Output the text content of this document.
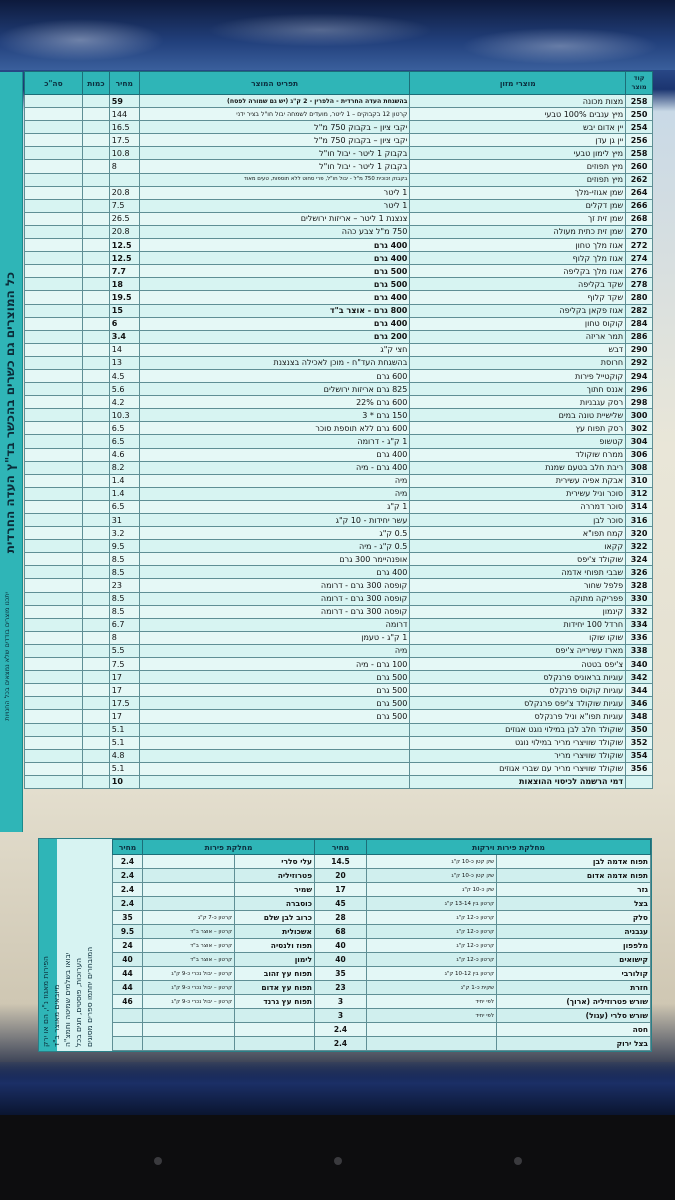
כל המוצרים גם כשרים בהכשר בד"ץ העדה החרדית
יתכנו מוצרים בודדים שלא נמצאים בכל החנויות
סה"כ	כמות	מחיר	תפריט המוצר	מוצרי מזון	קוד
מוצר
		59	בהשגחת העדה החרדית - הלפרין - 2 ק"ג (יש גם שמורה לפסח)	מצות מכונה	258
		144	קרטון 12 בקבוקים – 1 ליטר, מועדים לשמחה יבול חו"ל בציר ידני	מיץ ענבים 100% טבעי	250
		16.5	יקבי ציון – בקבוק 750 מ"ל	יין אדום יבש	254
		17.5	יקבי ציון – בקבוק 750 מ"ל	יין גן עדן	256
		10.8	בקבוק 1 ליטר - יבול חו"ל	מיץ לימון טבעי	258
		8	בקבוק 1 ליטר - יבול חו"ל	מיץ תפוזים	260
			בקבוק זכוכית 750 מ"ל - יבול חו"ל, פרי סחוט ללא תוספות, טעים מאוד	מיץ תפוזים	262
		20.8	1 ליטר	שמן אגוזי-מלך	264
		7.5	1 ליטר	שמן דקלים	266
		26.5	צנצנת 1 ליטר – אריזות ירושלים	שמן זית זך	268
		20.8	750 מ"ל צבע כהה	שמן זית כתית מעולה	270
		12.5	400 גרם	אגוז מלך טחון	272
		12.5	400 גרם	אגוז מלך קלוף	274
		7.7	500 גרם	אגוז מלך בקליפה	276
		18	500 גרם	שקד בקליפה	278
		19.5	400 גרם	שקד קלוף	280
		15	800 גרם - אוצר ב"ד	אגוז פקאן בקליפה	282
		6	400 גרם	קוקוס טחון	284
		3.4	200 גרם	תמר אריזה	286
		14	חצי ק"ג	דבש	290
		13	בהשגחת העד"ח - מוכן לאכילה בצנצנת	חרוסת	292
		4.5	600 גרם	קוקטייל פירות	294
		5.6	825 גרם אריזות ירושלים	אננס חתוך	296
		4.2	600 גרם 22%	רסק עגבניות	298
		10.3	150 גרם * 3	שלישיית טונה במים	300
		6.5	600 גרם ללא תוספת סוכר	רסק תפוח עץ	302
		6.5	1 ק"ג - דרומה	קטשופ	304
		4.6	400 גרם	ממרח שוקולד	306
		8.2	400 גרם - מיה	ריבת חלב בטעם שמנת	308
		1.4	מיה	אבקת אפיה עשירית	310
		1.4	מיה	סוכר וניל עשירית	312
		6.5	1 ק"ג	סוכר דמררה	314
		31	עשר יחידות - 10 ק"ג	סוכר לבן	316
		3.2	0.5 ק"ג	קמח תפו"א	320
		9.5	0.5 ק"ג - מיה	קקאו	322
		8.5	אופנהיימר 300 גרם	שוקולד צ'יפס	324
		8.5	400 גרם	שבבי תפוחי אדמה	326
		23	קופסה 300 גרם - דרומה	פלפל שחור	328
		8.5	קופסה 300 גרם - דרומה	פפריקה מתוקה	330
		8.5	קופסה 300 גרם - דרומה	קינמון	332
		6.7	דרומה	חרדל 100 יחידות	334
		8	1 ק"ג - טעמן	שוקו שוקו	336
		5.5	מיה	מארז עשירייה צ'יפס	338
		7.5	100 גרם - מיה	צ'יפס בטטה	340
		17	500 גרם	עוגיות בראוניס פרנקלס	342
		17	500 גרם	עוגיות קוקוס פרנקלס	344
		17.5	500 גרם	עוגיות שוקולד צ'יפס פרנקלס	346
		17	500 גרם	עוגיות תפו"א וניל פרנקלס	348
		5.1		שוקולד חלב לבן במילוי נוגט אגוזים	350
		5.1		שוקולד שוויצרי מריר במילוי נוגט	352
		4.8		שוקולד שוויצרי מריר	354
		5.1		שוקולד שוויצרי מריר עם שברי אגוזים	356
		10		דמי הרשמה לכיסוי ההוצאות	
הפירות מאגוז נ"י, הם או ירק
מיובאים מאוצר ב"ד
יבואו בשלמים שמיטה וחמצ"ה
הערוכות, פוסטים, חגים בכל
המובחרים יחתמו ספרים מסוגים
מחיר	מחלקת פירות	
2.4		עלי סלרי
2.4		פטרוזיליה
2.4		שמיר
2.4		כוסברה
35	קרטון כ-7 ק"ג	כרוב לבן שלם
9.5	קרטון – אוצר ב"ד	אשכולית
24	קרטון – אוצר ב"ד	תפוז ולנסיה
40	קרטון – אוצר ב"ד	לימון
44	קרטון – יבול נכרי כ-9 ק"ג	תפוח עץ זהוב
44	קרטון – יבול נכרי כ-9 ק"ג	תפוח עץ אדום
46	קרטון – יבול נכרי כ-9 ק"ג	תפוח עץ גרנד

מחיר	מחלקת פירות וירקות	
14.5	שק קטן כ-10 ק"ג	תפוח אדמה לבן
20	שק קטן כ-10 ק"ג	תפוח אדמה אדום
17	שק כ-10 ק"ג	גזר
45	קרטון בין 13-14 ק"ג	בצל
28	קרטון כ-12 ק"ג	סלק
68	קרטון כ-12 ק"ג	עגבניה
40	קרטון כ-12 ק"ג	מלפפון
40	קרטון כ-12 ק"ג	קישואים
35	קרטון בין 10-12 ק"ג	קולורבי
23	שקית כ-1 ק"ג	חזרת
3	לפי יחיד	שורש פטרוזיליה (ארוך)
3	לפי יחיד	שורש סלרי (עגול)
2.4		חסה
2.4		בצל ירוק
